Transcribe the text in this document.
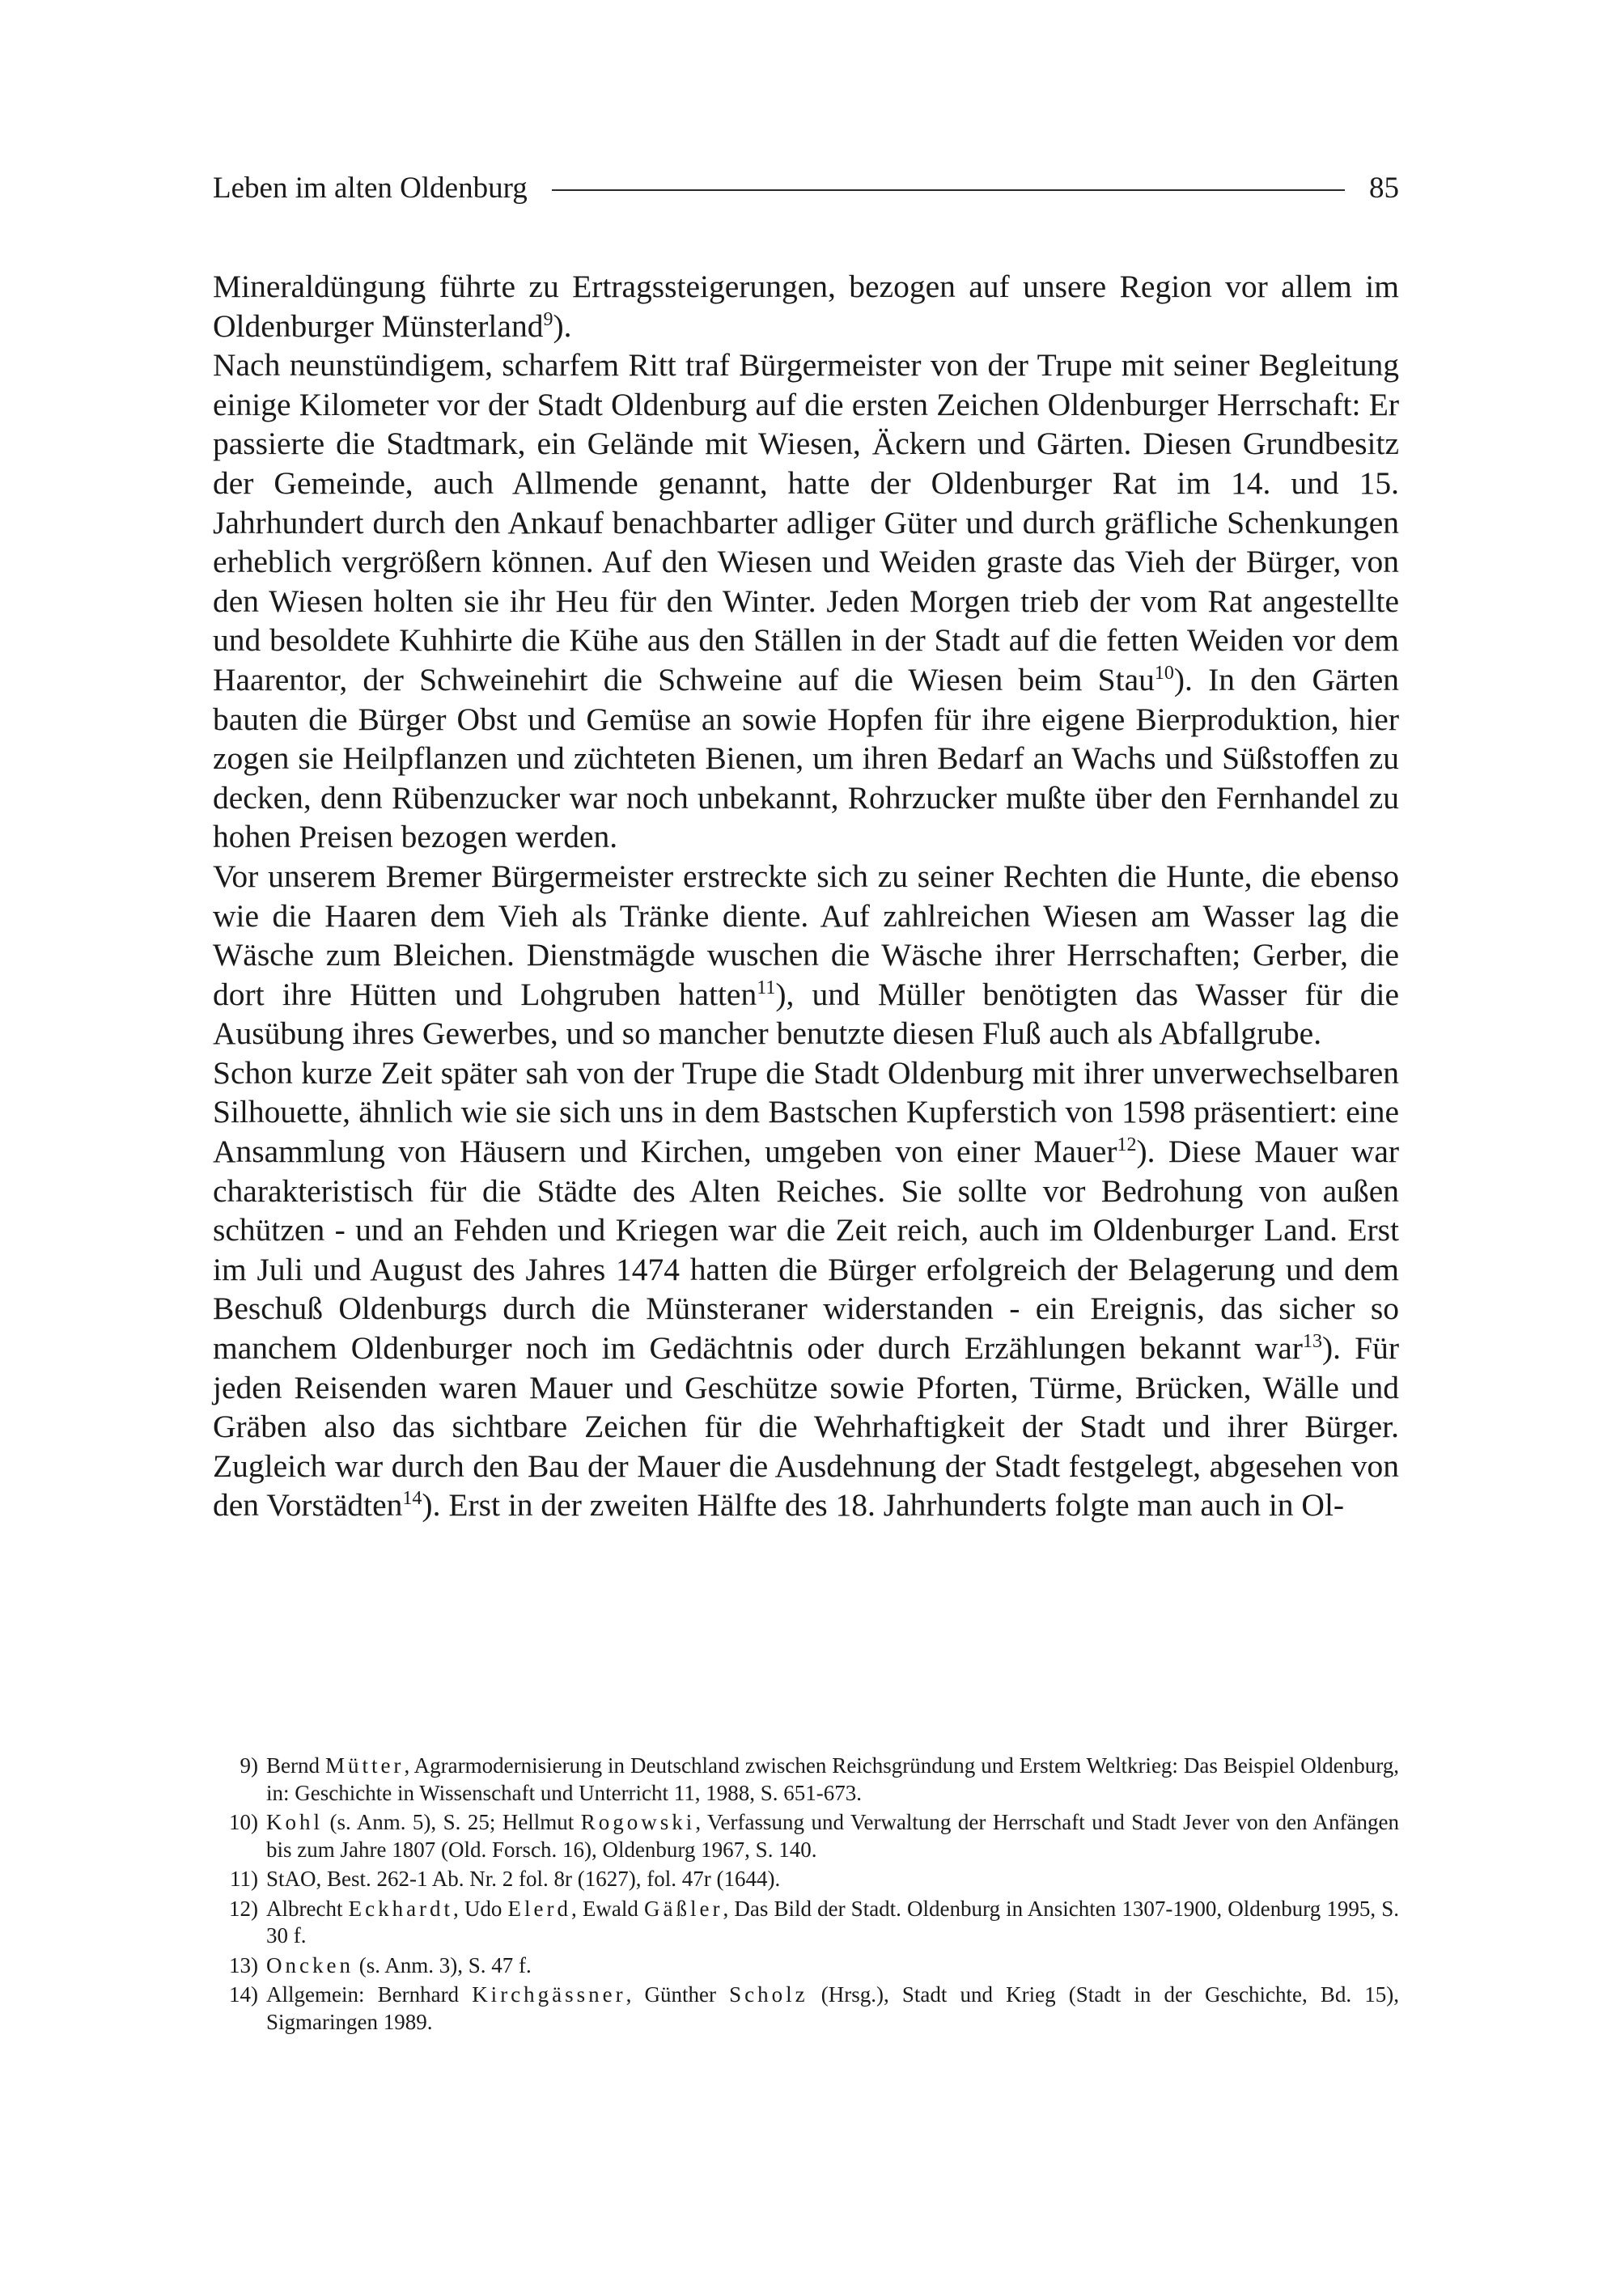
Leben im alten Oldenburg	85

Mineraldüngung führte zu Ertragssteigerungen, bezogen auf unsere Region vor allem im Oldenburger Münsterland$^9$).

Nach neunstündigem, scharfem Ritt traf Bürgermeister von der Trupe mit seiner Begleitung einige Kilometer vor der Stadt Oldenburg auf die ersten Zeichen Oldenburger Herrschaft: Er passierte die Stadtmark, ein Gelände mit Wiesen, Äckern und Gärten. Diesen Grundbesitz der Gemeinde, auch Allmende genannt, hatte der Oldenburger Rat im 14. und 15. Jahrhundert durch den Ankauf benachbarter adliger Güter und durch gräfliche Schenkungen erheblich vergrößern können. Auf den Wiesen und Weiden graste das Vieh der Bürger, von den Wiesen holten sie ihr Heu für den Winter. Jeden Morgen trieb der vom Rat angestellte und besoldete Kuhhirte die Kühe aus den Ställen in der Stadt auf die fetten Weiden vor dem Haarentor, der Schweinehirt die Schweine auf die Wiesen beim Stau$^{10}$). In den Gärten bauten die Bürger Obst und Gemüse an sowie Hopfen für ihre eigene Bierproduktion, hier zogen sie Heilpflanzen und züchteten Bienen, um ihren Bedarf an Wachs und Süßstoffen zu decken, denn Rübenzucker war noch unbekannt, Rohrzucker mußte über den Fernhandel zu hohen Preisen bezogen werden.

Vor unserem Bremer Bürgermeister erstreckte sich zu seiner Rechten die Hunte, die ebenso wie die Haaren dem Vieh als Tränke diente. Auf zahlreichen Wiesen am Wasser lag die Wäsche zum Bleichen. Dienstmägde wuschen die Wäsche ihrer Herrschaften; Gerber, die dort ihre Hütten und Lohgruben hatten$^{11}$), und Müller benötigten das Wasser für die Ausübung ihres Gewerbes, und so mancher benutzte diesen Fluß auch als Abfallgrube.

Schon kurze Zeit später sah von der Trupe die Stadt Oldenburg mit ihrer unverwechselbaren Silhouette, ähnlich wie sie sich uns in dem Bastschen Kupferstich von 1598 präsentiert: eine Ansammlung von Häusern und Kirchen, umgeben von einer Mauer$^{12}$). Diese Mauer war charakteristisch für die Städte des Alten Reiches. Sie sollte vor Bedrohung von außen schützen - und an Fehden und Kriegen war die Zeit reich, auch im Oldenburger Land. Erst im Juli und August des Jahres 1474 hatten die Bürger erfolgreich der Belagerung und dem Beschuß Oldenburgs durch die Münsteraner widerstanden - ein Ereignis, das sicher so manchem Oldenburger noch im Gedächtnis oder durch Erzählungen bekannt war$^{13}$). Für jeden Reisenden waren Mauer und Geschütze sowie Pforten, Türme, Brücken, Wälle und Gräben also das sichtbare Zeichen für die Wehrhaftigkeit der Stadt und ihrer Bürger. Zugleich war durch den Bau der Mauer die Ausdehnung der Stadt festgelegt, abgesehen von den Vorstädten$^{14}$). Erst in der zweiten Hälfte des 18. Jahrhunderts folgte man auch in Ol-

9) Bernd Mütter, Agrarmodernisierung in Deutschland zwischen Reichsgründung und Erstem Weltkrieg: Das Beispiel Oldenburg, in: Geschichte in Wissenschaft und Unterricht 11, 1988, S. 651-673.
10) Kohl (s. Anm. 5), S. 25; Hellmut Rogowski, Verfassung und Verwaltung der Herrschaft und Stadt Jever von den Anfängen bis zum Jahre 1807 (Old. Forsch. 16), Oldenburg 1967, S. 140.
11) StAO, Best. 262-1 Ab. Nr. 2 fol. 8r (1627), fol. 47r (1644).
12) Albrecht Eckhardt, Udo Elerd, Ewald Gäßler, Das Bild der Stadt. Oldenburg in Ansichten 1307-1900, Oldenburg 1995, S. 30 f.
13) Oncken (s. Anm. 3), S. 47 f.
14) Allgemein: Bernhard Kirchgässner, Günther Scholz (Hrsg.), Stadt und Krieg (Stadt in der Geschichte, Bd. 15), Sigmaringen 1989.
